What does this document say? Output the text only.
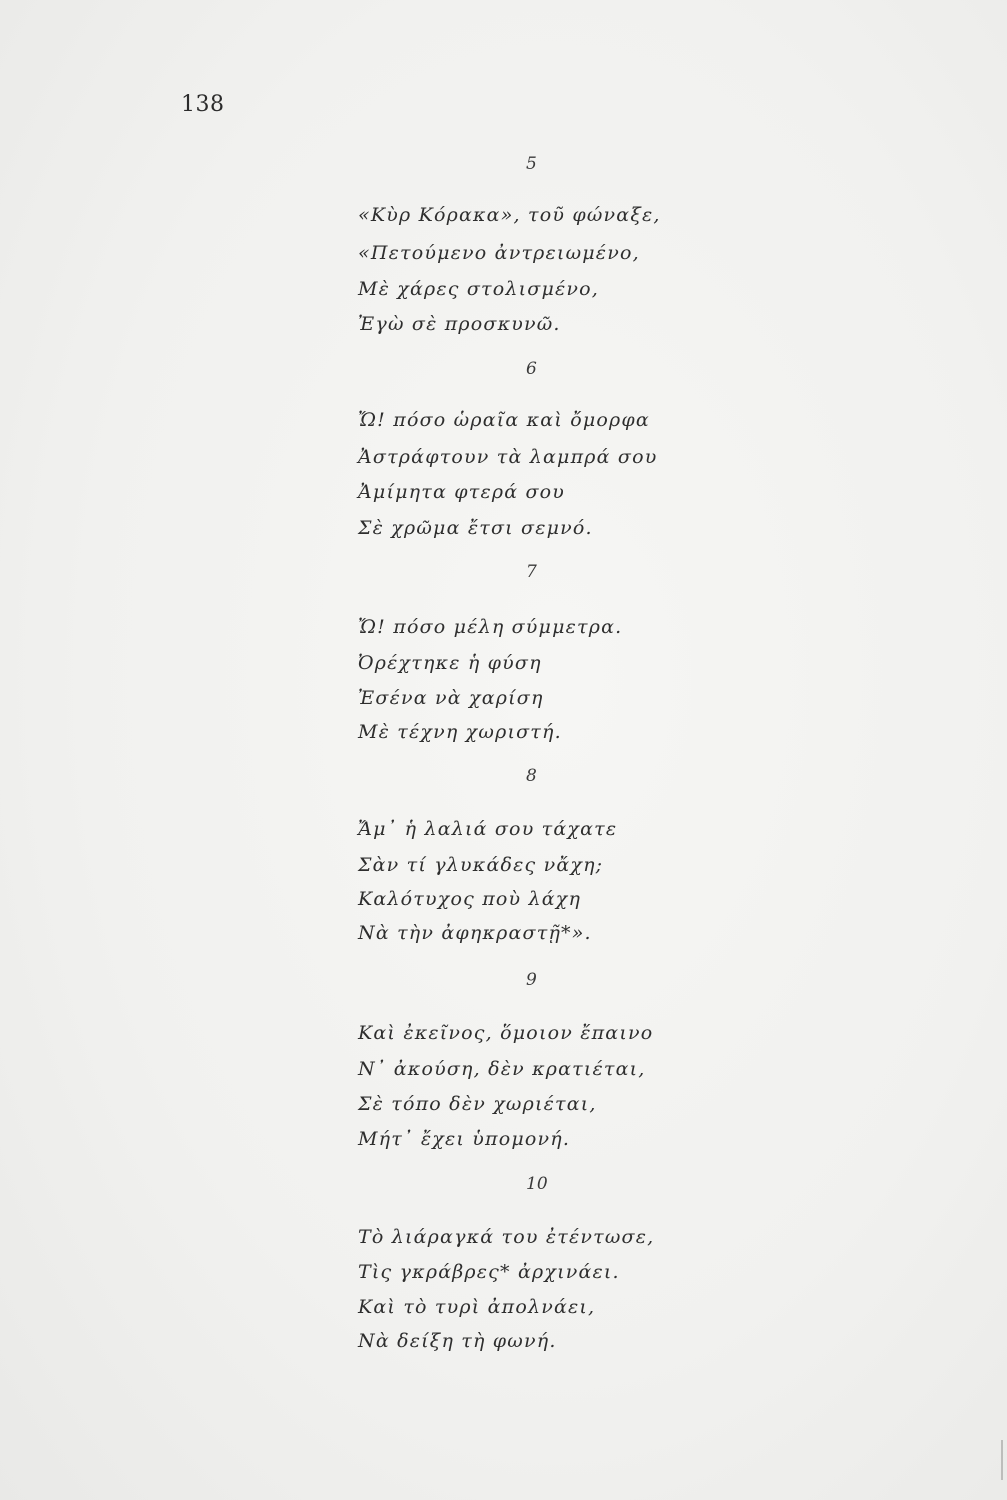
138
5
«Κὺρ Κόρακα», τοῦ φώναξε,
«Πετούμενο ἀντρειωμένο,
Μὲ χάρες στολισμένο,
Ἐγὼ σὲ προσκυνῶ.
6
Ὤ! πόσο ὡραῖα καὶ ὄμορφα
Ἀστράφτουν τὰ λαμπρά σου
Ἀμίμητα φτερά σου
Σὲ χρῶμα ἔτσι σεμνό.
7
Ὤ! πόσο μέλη σύμμετρα.
Ὀρέχτηκε ἡ φύση
Ἐσένα νὰ χαρίση
Μὲ τέχνη χωριστή.
8
Ἄμ᾿ ἡ λαλιά σου τάχατε
Σὰν τί γλυκάδες νἄχη;
Καλότυχος ποὺ λάχη
Νὰ τὴν ἀφηκραστῇ*».
9
Καὶ ἐκεῖνος, ὅμοιον ἔπαινο
Ν᾿ ἀκούση, δὲν κρατιέται,
Σὲ τόπο δὲν χωριέται,
Μήτ᾿ ἔχει ὑπομονή.
10
Τὸ λιάραγκά του ἐτέντωσε,
Τὶς γκράβρες* ἀρχινάει.
Καὶ τὸ τυρὶ ἀπολνάει,
Νὰ δείξη τὴ φωνή.
